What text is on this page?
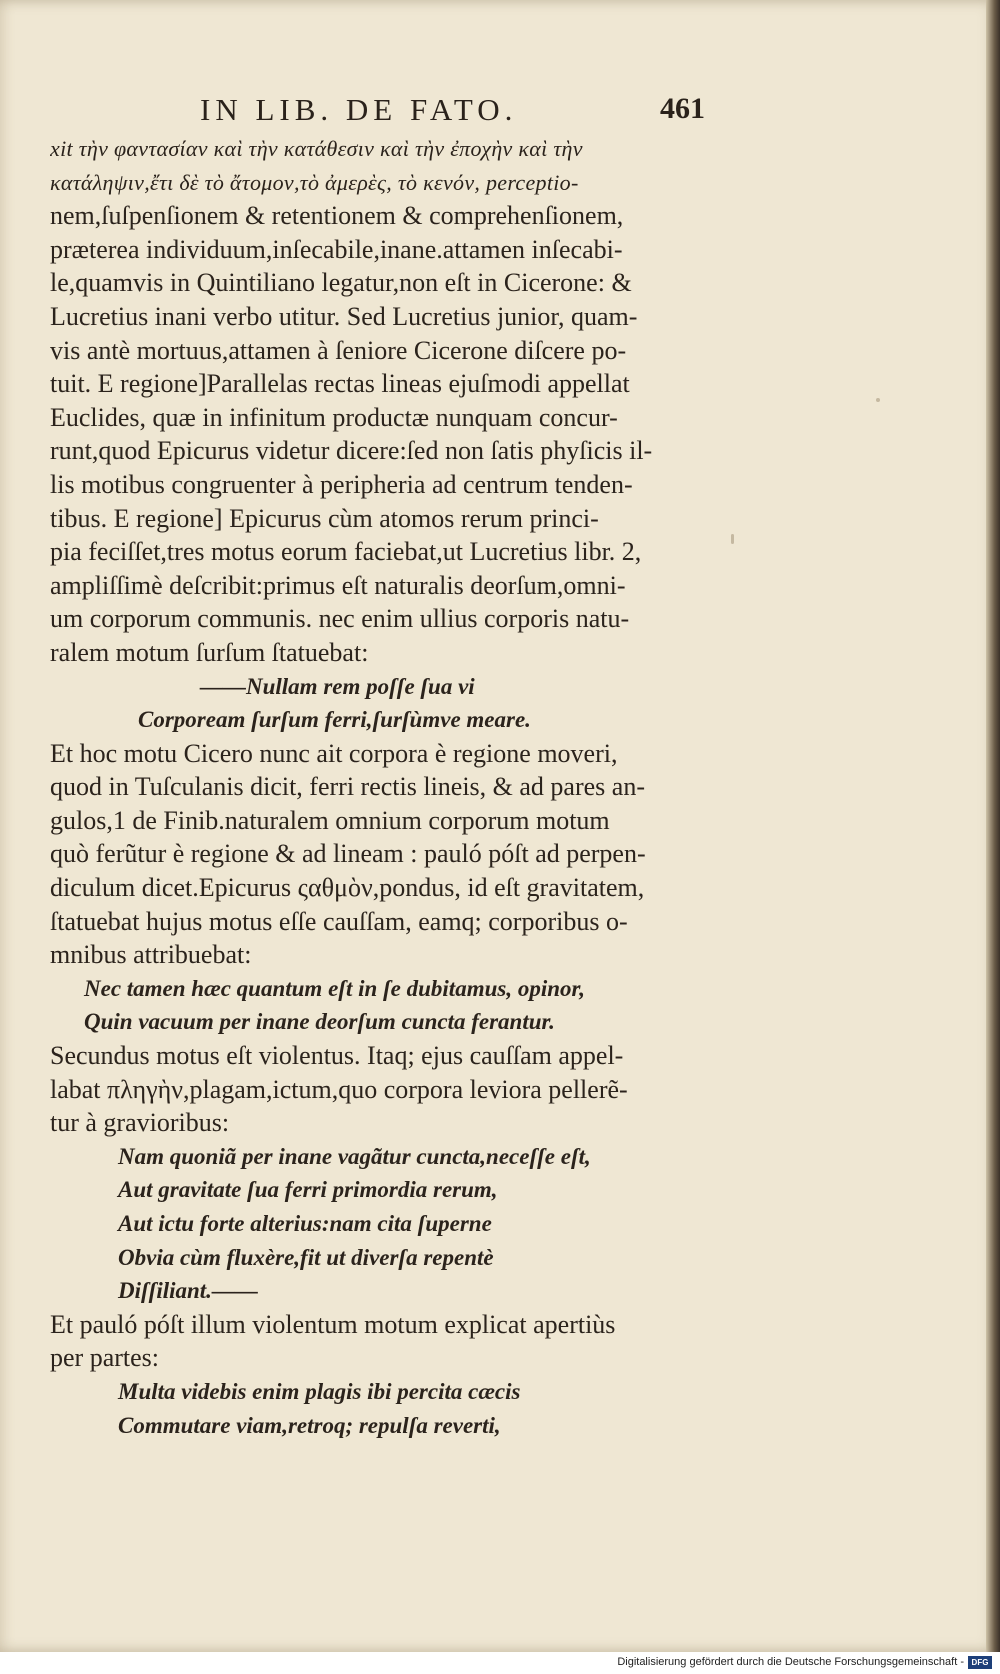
IN LIB. DE FATO.	461
xit τὴν φαντασίαν καὶ τὴν κατάθεσιν καὶ τὴν ἐποχὴν καὶ τὴν
κατάληψιν,ἔτι δὲ τὸ ἄτομον,τὸ ἀμερὲς, τὸ κενόν, perceptio-
nem,ſuſpenſionem & retentionem & comprehenſionem,
præterea individuum,inſecabile,inane.attamen inſecabi-
le,quamvis in Quintiliano legatur,non eſt in Cicerone: &
Lucretius inani verbo utitur. Sed Lucretius junior, quam-
vis antè mortuus,attamen à ſeniore Cicerone diſcere po-
tuit. E regione]Parallelas rectas lineas ejuſmodi appellat
Euclides, quæ in infinitum productæ nunquam concur-
runt,quod Epicurus videtur dicere:ſed non ſatis phyſicis il-
lis motibus congruenter à peripheria ad centrum tenden-
tibus. E regione] Epicurus cùm atomos rerum princi-
pia feciſſet,tres motus eorum faciebat,ut Lucretius libr. 2,
ampliſſimè deſcribit:primus eſt naturalis deorſum,omni-
um corporum communis. nec enim ullius corporis natu-
ralem motum ſurſum ſtatuebat:
——Nullam rem poſſe ſua vi
Corpoream ſurſum ferri,ſurſùmve meare.
Et hoc motu Cicero nunc ait corpora è regione moveri,
quod in Tuſculanis dicit, ferri rectis lineis, & ad pares an-
gulos,1 de Finib.naturalem omnium corporum motum
quò ferũtur è regione & ad lineam : pauló póſt ad perpen-
diculum dicet.Epicurus ςαθμὸν,pondus, id eſt gravitatem,
ſtatuebat hujus motus eſſe cauſſam, eamq; corporibus o-
mnibus attribuebat:
Nec tamen hæc quantum eſt in ſe dubitamus, opinor,
Quin vacuum per inane deorſum cuncta ferantur.
Secundus motus eſt violentus. Itaq; ejus cauſſam appel-
labat πληγὴν,plagam,ictum,quo corpora leviora pellerẽ-
tur à gravioribus:
Nam quoniã per inane vagãtur cuncta,neceſſe eſt,
Aut gravitate ſua ferri primordia rerum,
Aut ictu forte alterius:nam cita ſuperne
Obvia cùm fluxère,fit ut diverſa repentè
Diſſiliant.——
Et pauló póſt illum violentum motum explicat apertiùs
per partes:
Multa videbis enim plagis ibi percita cæcis
Commutare viam,retroq; repulſa reverti,
Digitalisierung gefördert durch die Deutsche Forschungsgemeinschaft - DFG
